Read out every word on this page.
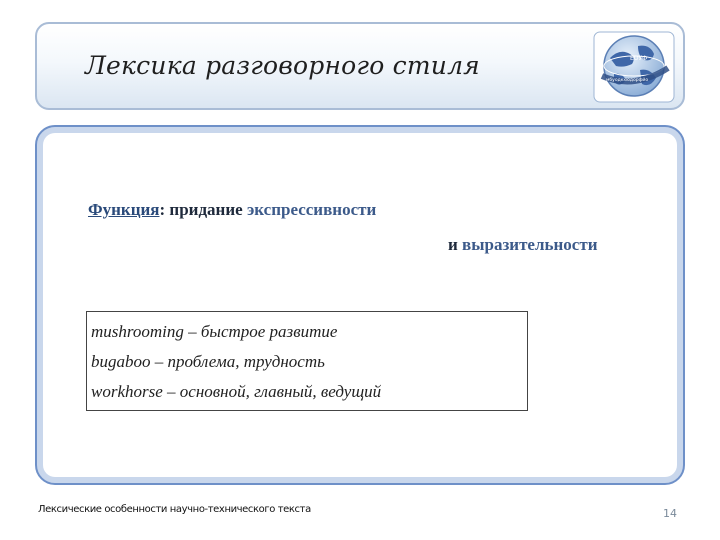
Лексика разговорного стиля	ЕОУФ
мбуодкхюдорфйо
Функция: придание экспрессивности
и выразительности
mushrooming – быстрое развитие
bugaboo – проблема, трудность
workhorse – основной, главный, ведущий
Лексические особенности научно-технического текста	14
